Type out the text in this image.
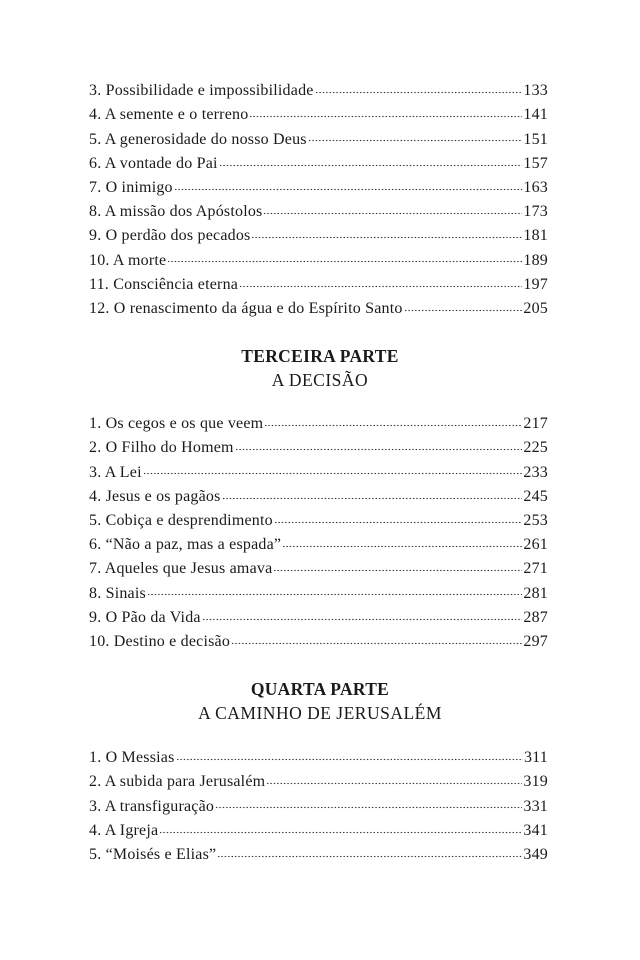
3. Possibilidade e impossibilidade	133
4. A semente e o terreno	141
5. A generosidade do nosso Deus	151
6. A vontade do Pai	157
7. O inimigo	163
8. A missão dos Apóstolos	173
9. O perdão dos pecados	181
10. A morte	189
11. Consciência eterna	197
12. O renascimento da água e do Espírito Santo	205
TERCEIRA PARTE
A DECISÃO
1. Os cegos e os que veem	217
2. O Filho do Homem	225
3. A Lei	233
4. Jesus e os pagãos	245
5. Cobiça e desprendimento	253
6. “Não a paz, mas a espada”	261
7. Aqueles que Jesus amava	271
8. Sinais	281
9. O Pão da Vida	287
10. Destino e decisão	297
QUARTA PARTE
A CAMINHO DE JERUSALÉM
1. O Messias	311
2. A subida para Jerusalém	319
3. A transfiguração	331
4. A Igreja	341
5. “Moisés e Elias”	349
